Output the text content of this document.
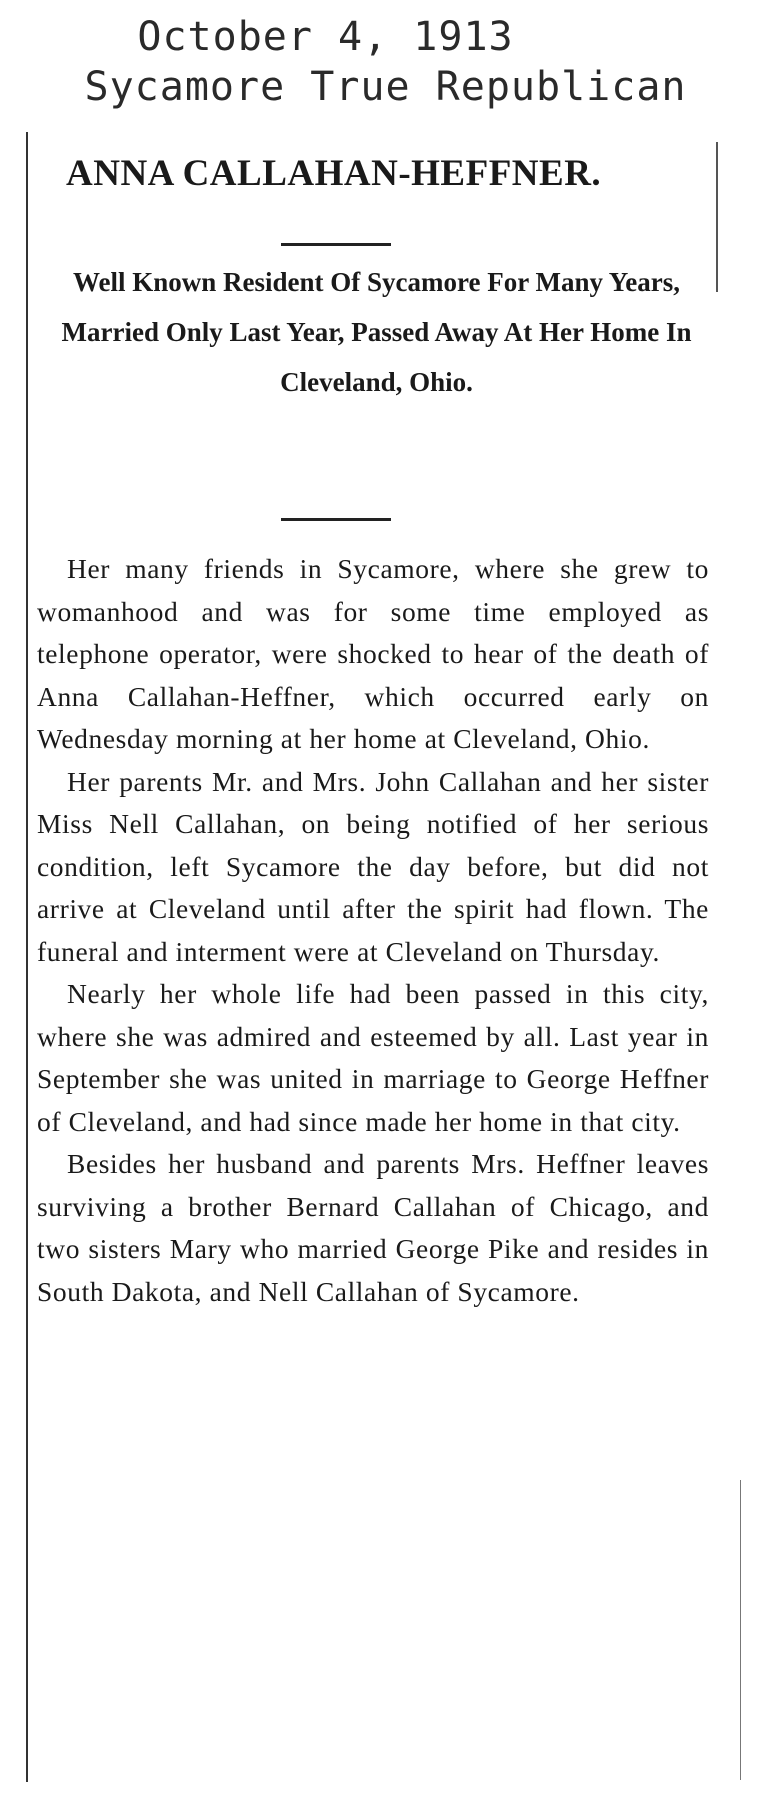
October 4, 1913
Sycamore True Republican
ANNA CALLAHAN-HEFFNER.
Well Known Resident Of Sycamore For Many Years, Married Only Last Year, Passed Away At Her Home In Cleveland, Ohio.

Her many friends in Sycamore, where she grew to womanhood and was for some time employed as telephone operator, were shocked to hear of the death of Anna Callahan-Heffner, which occurred early on Wednesday morning at her home at Cleveland, Ohio.

Her parents Mr. and Mrs. John Callahan and her sister Miss Nell Callahan, on being notified of her serious condition, left Sycamore the day before, but did not arrive at Cleveland until after the spirit had flown. The funeral and interment were at Cleveland on Thursday.

Nearly her whole life had been passed in this city, where she was admired and esteemed by all. Last year in September she was united in marriage to George Heffner of Cleveland, and had since made her home in that city.

Besides her husband and parents Mrs. Heffner leaves surviving a brother Bernard Callahan of Chicago, and two sisters Mary who married George Pike and resides in South Dakota, and Nell Callahan of Sycamore.
